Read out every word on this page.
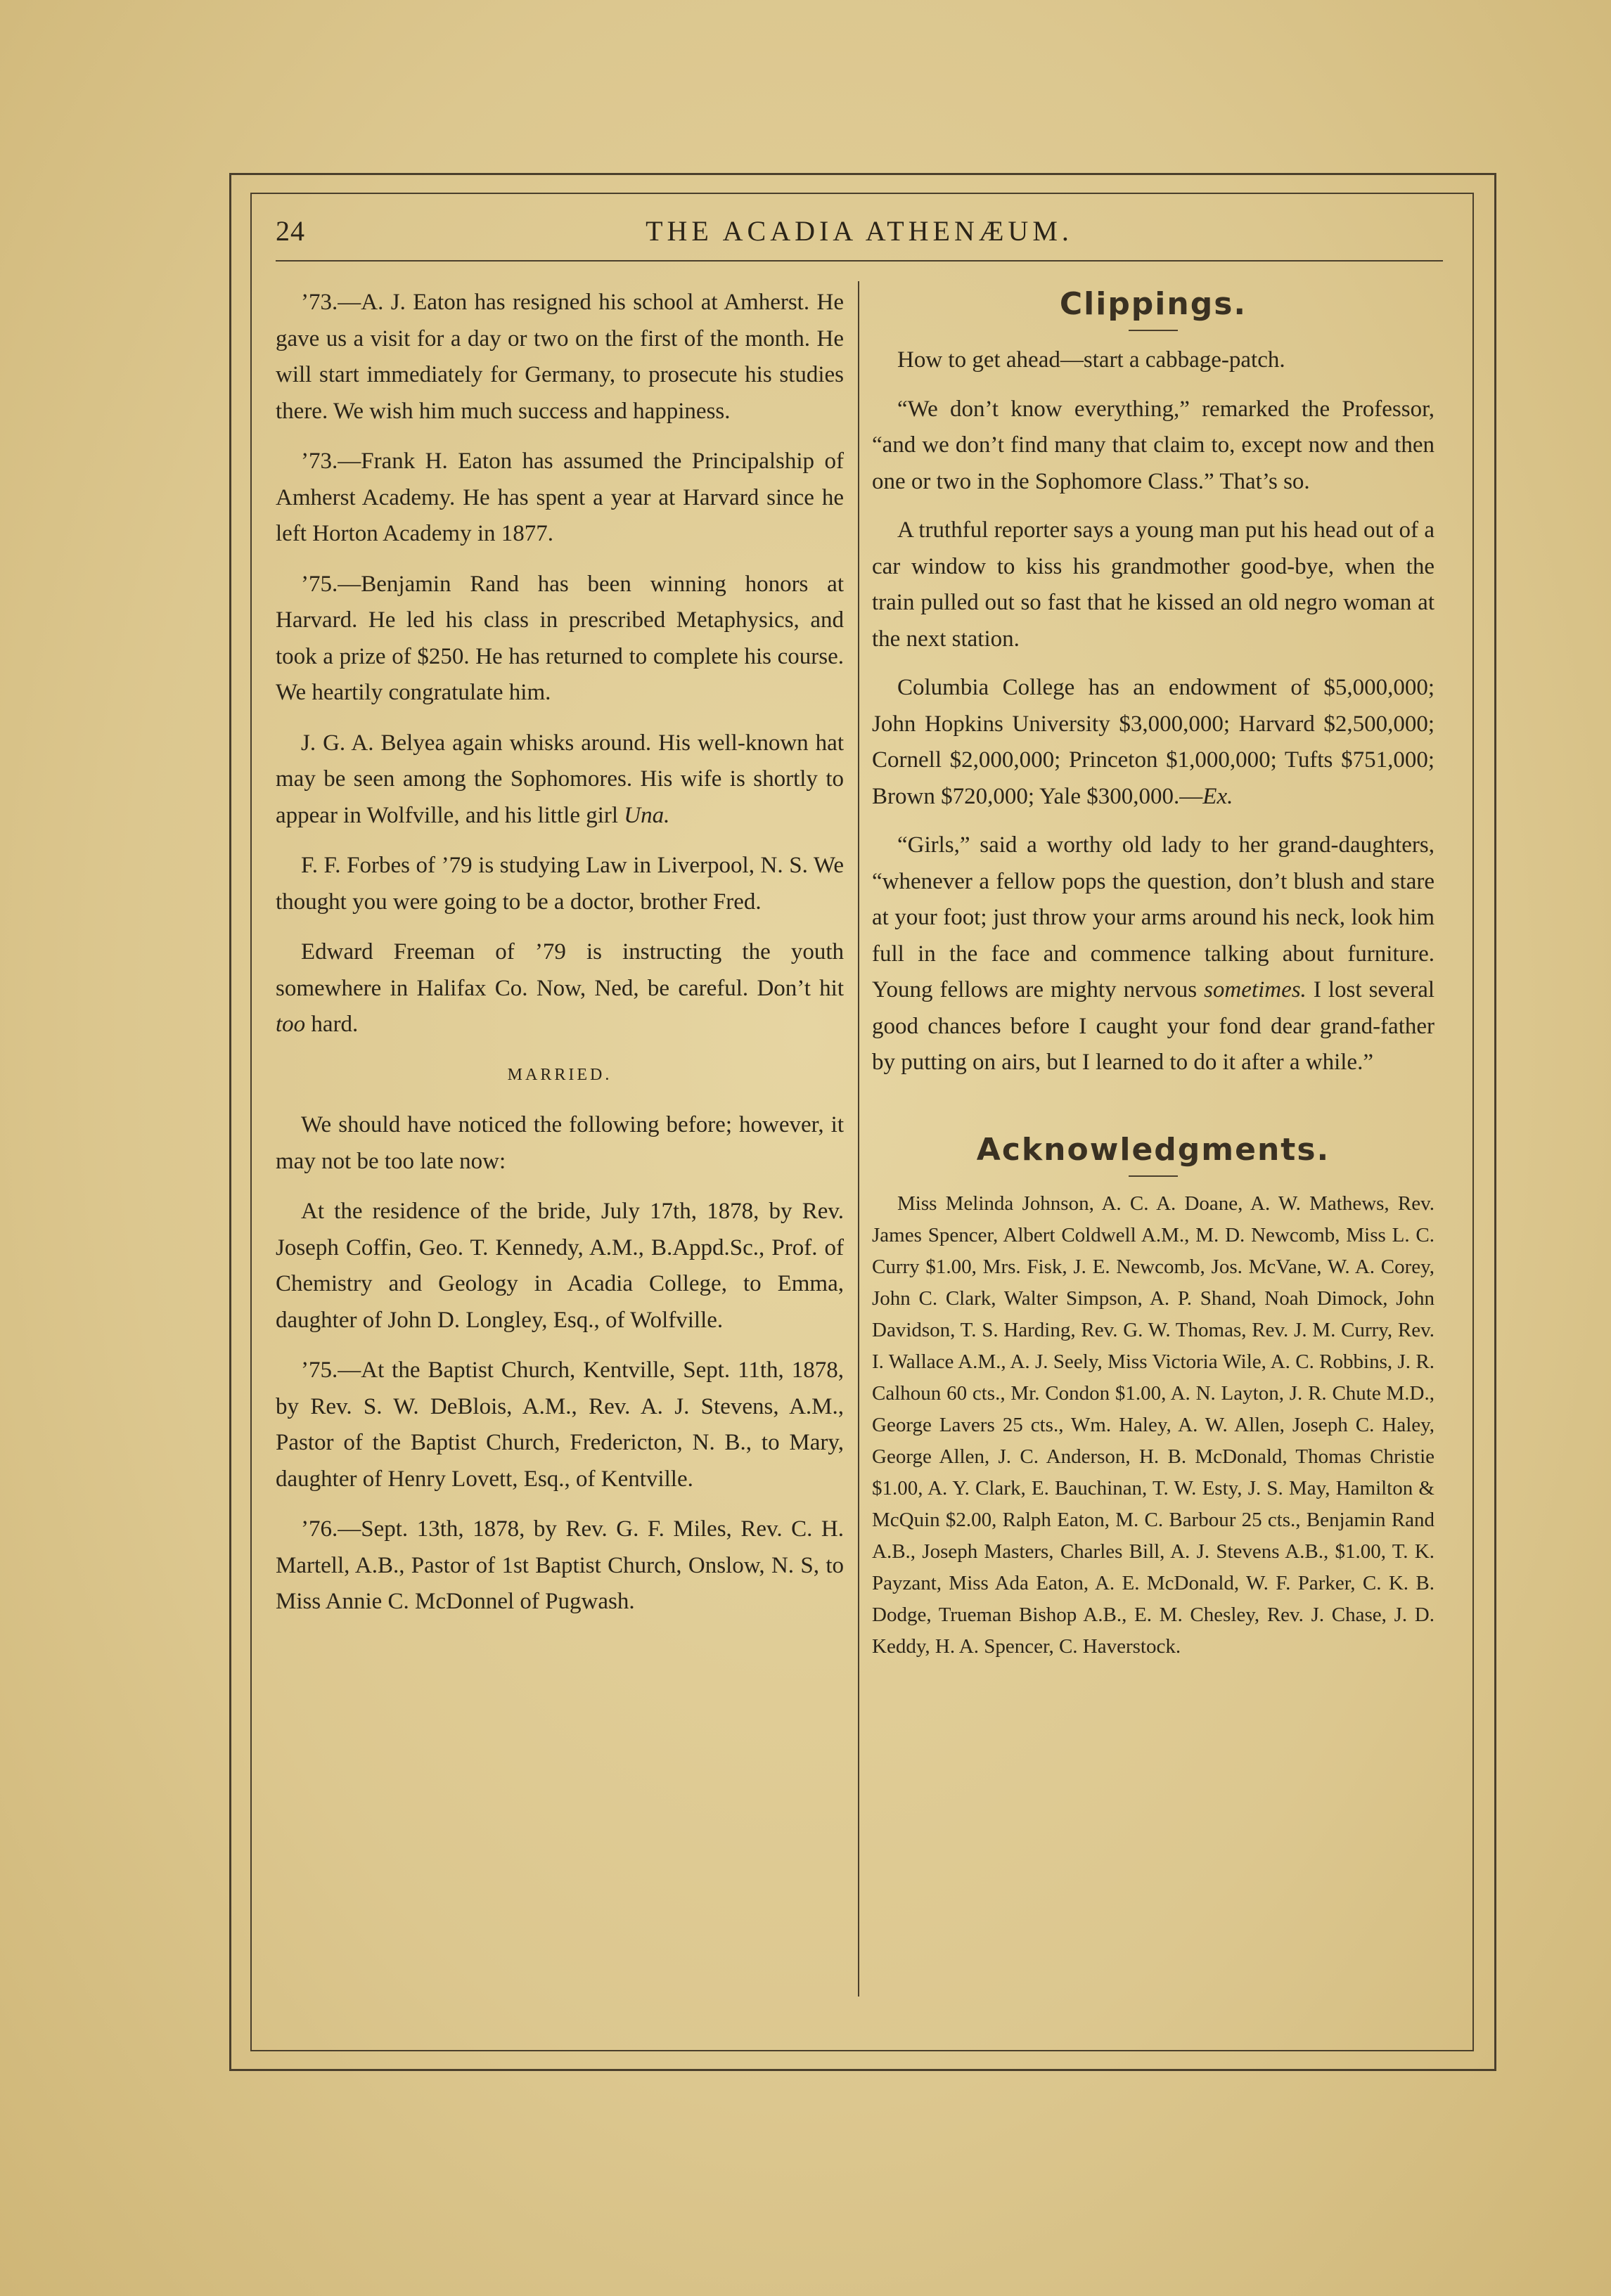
24	THE ACADIA ATHENÆUM.

’73.—A. J. Eaton has resigned his school at Amherst. He gave us a visit for a day or two on the first of the month. He will start immediately for Germany, to prosecute his studies there. We wish him much success and happiness.

’73.—Frank H. Eaton has assumed the Principalship of Amherst Academy. He has spent a year at Harvard since he left Horton Academy in 1877.

’75.—Benjamin Rand has been winning honors at Harvard. He led his class in prescribed Metaphysics, and took a prize of $250. He has returned to complete his course. We heartily congratulate him.

J. G. A. Belyea again whisks around. His well-known hat may be seen among the Sophomores. His wife is shortly to appear in Wolfville, and his little girl Una.

F. F. Forbes of ’79 is studying Law in Liverpool, N. S. We thought you were going to be a doctor, brother Fred.

Edward Freeman of ’79 is instructing the youth somewhere in Halifax Co. Now, Ned, be careful. Don’t hit too hard.

MARRIED.

We should have noticed the following before; however, it may not be too late now:

At the residence of the bride, July 17th, 1878, by Rev. Joseph Coffin, Geo. T. Kennedy, A.M., B.Appd.Sc., Prof. of Chemistry and Geology in Acadia College, to Emma, daughter of John D. Longley, Esq., of Wolfville.

’75.—At the Baptist Church, Kentville, Sept. 11th, 1878, by Rev. S. W. DeBlois, A.M., Rev. A. J. Stevens, A.M., Pastor of the Baptist Church, Fredericton, N. B., to Mary, daughter of Henry Lovett, Esq., of Kentville.

’76.—Sept. 13th, 1878, by Rev. G. F. Miles, Rev. C. H. Martell, A.B., Pastor of 1st Baptist Church, Onslow, N. S, to Miss Annie C. McDonnel of Pugwash.

Clippings.

How to get ahead—start a cabbage-patch.

“We don’t know everything,” remarked the Professor, “and we don’t find many that claim to, except now and then one or two in the Sophomore Class.” That’s so.

A truthful reporter says a young man put his head out of a car window to kiss his grandmother good-bye, when the train pulled out so fast that he kissed an old negro woman at the next station.

Columbia College has an endowment of $5,000,000; John Hopkins University $3,000,000; Harvard $2,500,000; Cornell $2,000,000; Princeton $1,000,000; Tufts $751,000; Brown $720,000; Yale $300,000.—Ex.

“Girls,” said a worthy old lady to her grand-daughters, “whenever a fellow pops the question, don’t blush and stare at your foot; just throw your arms around his neck, look him full in the face and commence talking about furniture. Young fellows are mighty nervous sometimes. I lost several good chances before I caught your fond dear grand-father by putting on airs, but I learned to do it after a while.”

Acknowledgments.

Miss Melinda Johnson, A. C. A. Doane, A. W. Mathews, Rev. James Spencer, Albert Coldwell A.M., M. D. Newcomb, Miss L. C. Curry $1.00, Mrs. Fisk, J. E. Newcomb, Jos. McVane, W. A. Corey, John C. Clark, Walter Simpson, A. P. Shand, Noah Dimock, John Davidson, T. S. Harding, Rev. G. W. Thomas, Rev. J. M. Curry, Rev. I. Wallace A.M., A. J. Seely, Miss Victoria Wile, A. C. Robbins, J. R. Calhoun 60 cts., Mr. Condon $1.00, A. N. Layton, J. R. Chute M.D., George Lavers 25 cts., Wm. Haley, A. W. Allen, Joseph C. Haley, George Allen, J. C. Anderson, H. B. McDonald, Thomas Christie $1.00, A. Y. Clark, E. Bauchinan, T. W. Esty, J. S. May, Hamilton & McQuin $2.00, Ralph Eaton, M. C. Barbour 25 cts., Benjamin Rand A.B., Joseph Masters, Charles Bill, A. J. Stevens A.B., $1.00, T. K. Payzant, Miss Ada Eaton, A. E. McDonald, W. F. Parker, C. K. B. Dodge, Trueman Bishop A.B., E. M. Chesley, Rev. J. Chase, J. D. Keddy, H. A. Spencer, C. Haverstock.
